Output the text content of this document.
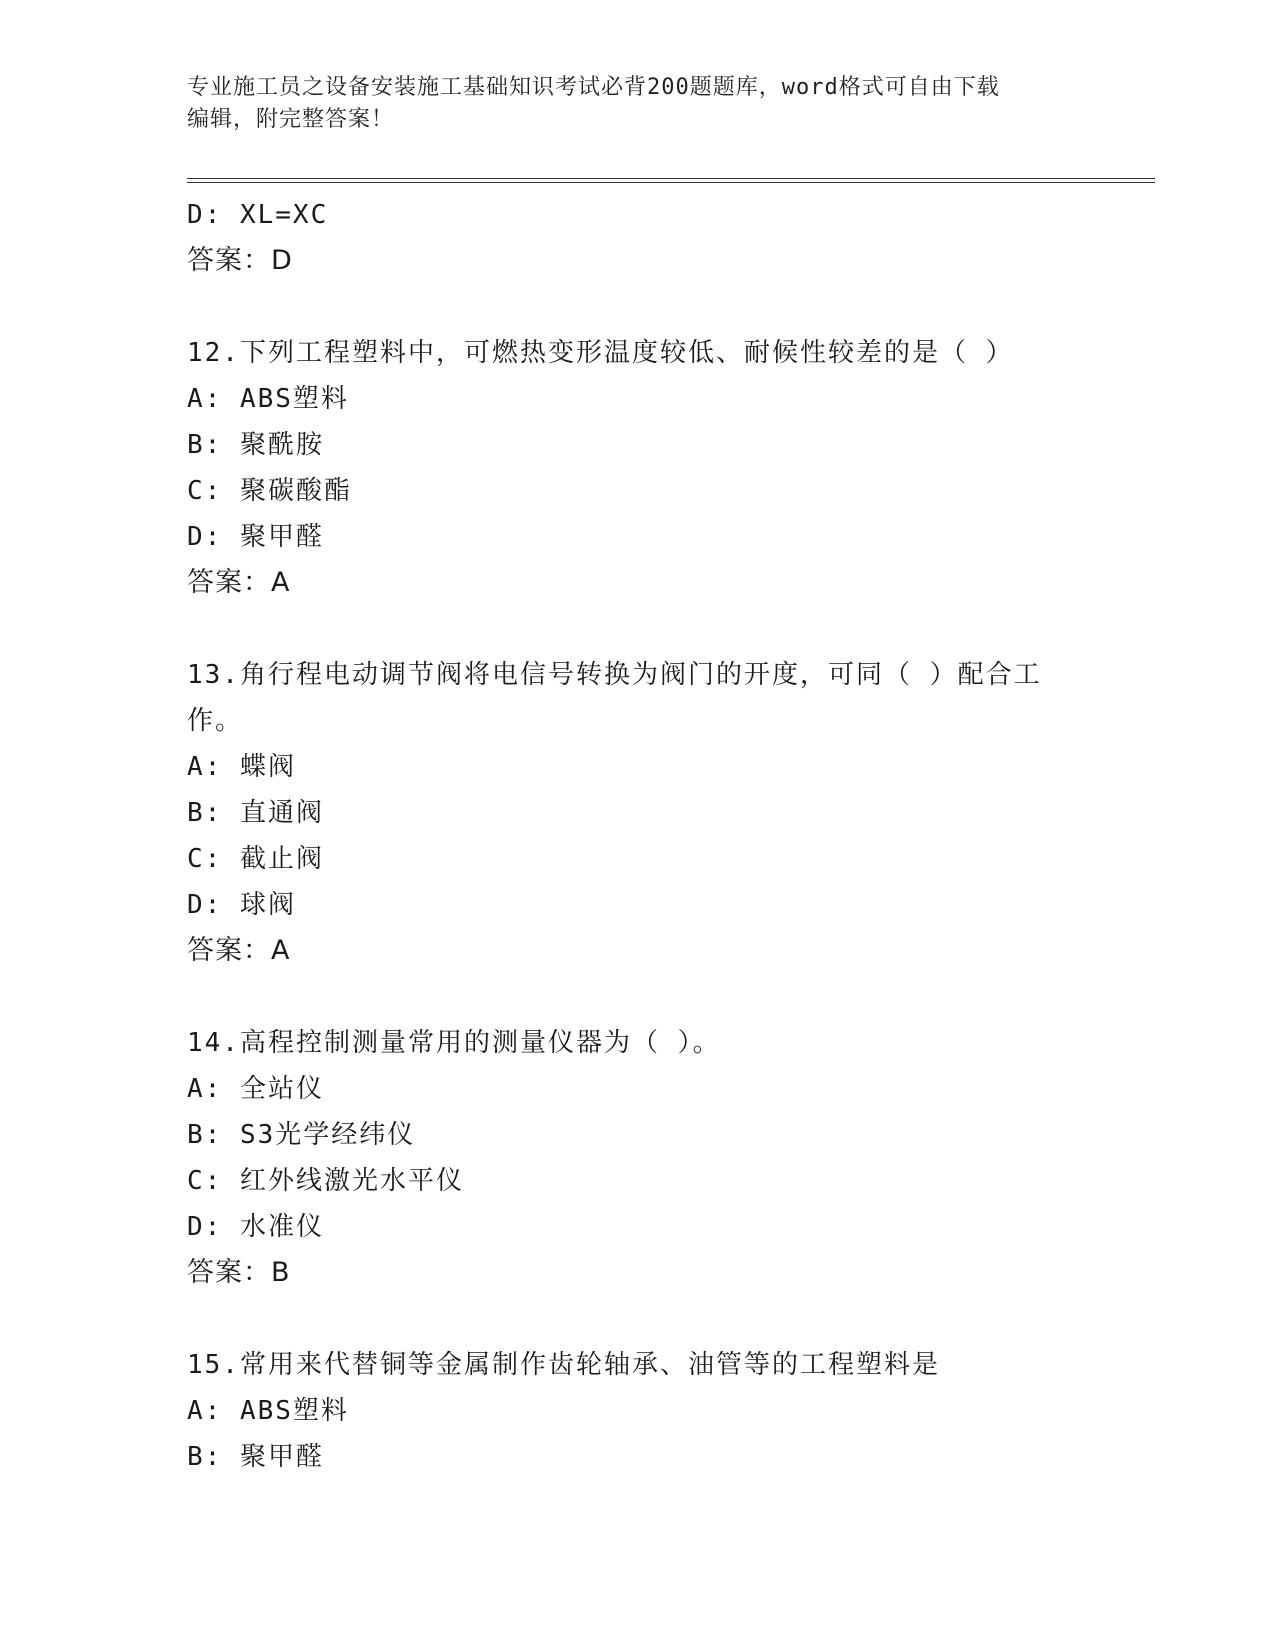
专业施工员之设备安装施工基础知识考试必背200题题库，word格式可自由下载
编辑，附完整答案！
D: XL=XC
答案：D
12.下列工程塑料中，可燃热变形温度较低、耐候性较差的是（ ）
A: ABS塑料
B: 聚酰胺
C: 聚碳酸酯
D: 聚甲醛
答案：A
13.角行程电动调节阀将电信号转换为阀门的开度，可同（ ）配合工
作。
A: 蝶阀
B: 直通阀
C: 截止阀
D: 球阀
答案：A
14.高程控制测量常用的测量仪器为（ ）。
A: 全站仪
B: S3光学经纬仪
C: 红外线激光水平仪
D: 水准仪
答案：B
15.常用来代替铜等金属制作齿轮轴承、油管等的工程塑料是
A: ABS塑料
B: 聚甲醛
